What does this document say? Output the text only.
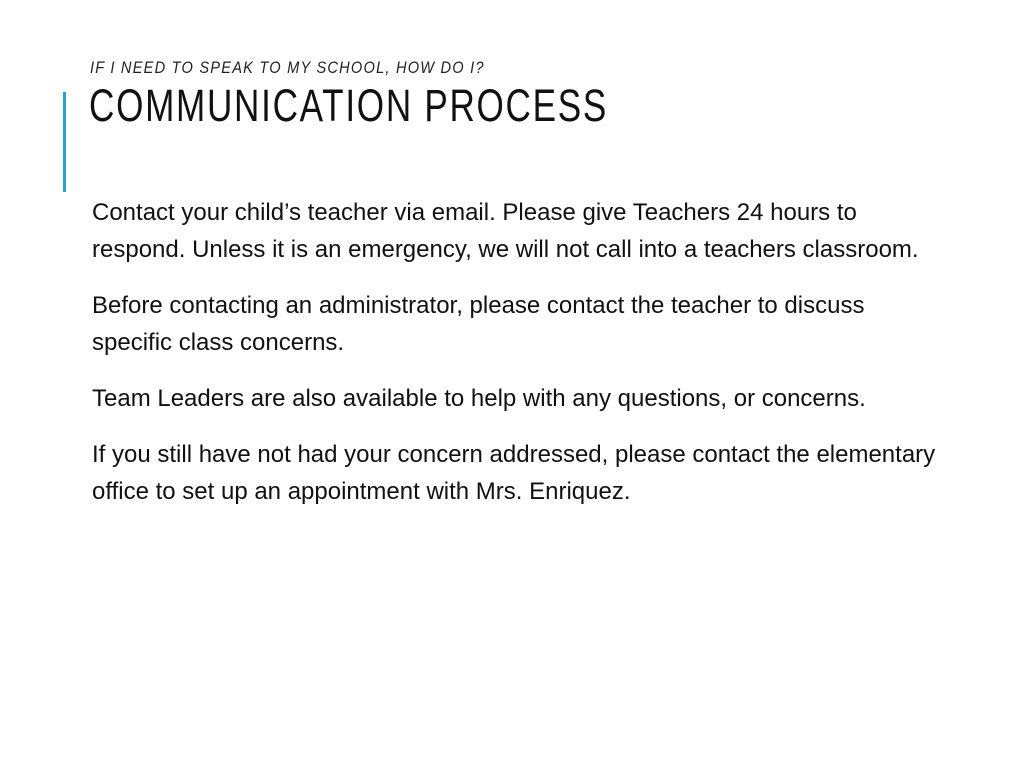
IF I NEED TO SPEAK TO MY SCHOOL, HOW DO I?
COMMUNICATION PROCESS

Contact your child’s teacher via email. Please give Teachers 24 hours to respond. Unless it is an emergency, we will not call into a teachers classroom.

Before contacting an administrator, please contact the teacher to discuss specific class concerns.

Team Leaders are also available to help with any questions, or concerns.

If you still have not had your concern addressed, please contact the elementary office to set up an appointment with Mrs. Enriquez.
